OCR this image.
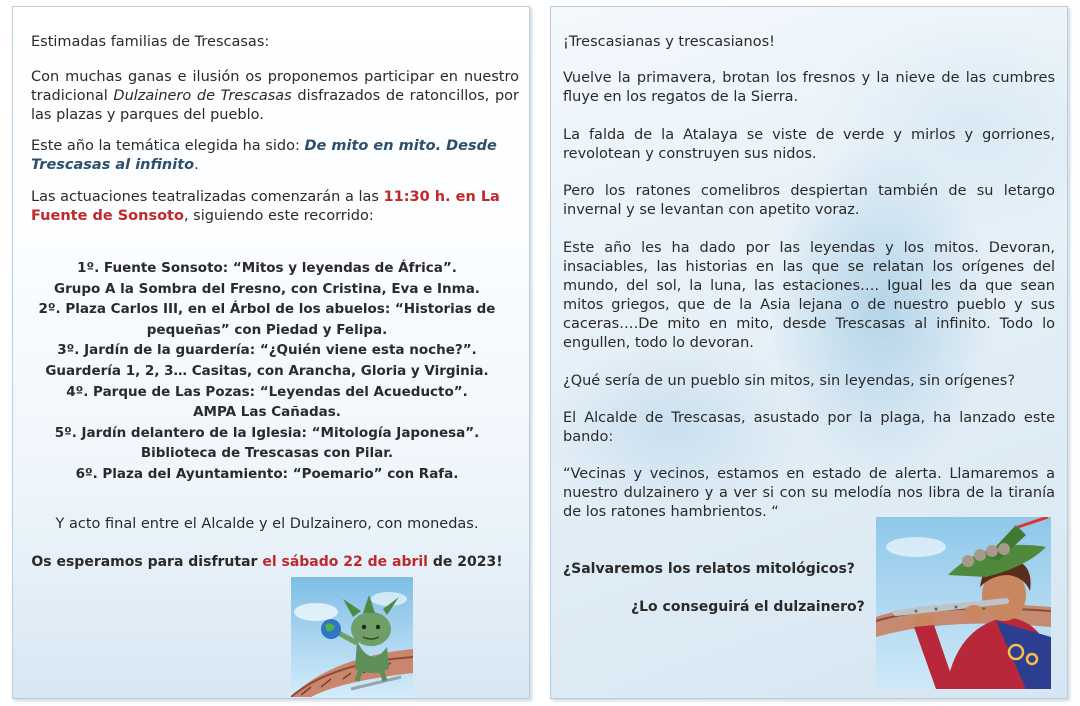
Estimadas familias de Trescasas:
Con muchas ganas e ilusión os proponemos participar en nuestro tradicional Dulzainero de Trescasas disfrazados de ratoncillos, por las plazas y parques del pueblo.
Este año la temática elegida ha sido: De mito en mito. Desde Trescasas al infinito.
Las actuaciones teatralizadas comenzarán a las 11:30 h. en La Fuente de Sonsoto, siguiendo este recorrido:
1º. Fuente Sonsoto: “Mitos y leyendas de África”.
Grupo A la Sombra del Fresno, con Cristina, Eva e Inma.
2º. Plaza Carlos III, en el Árbol de los abuelos: “Historias de
pequeñas” con Piedad y Felipa.
3º. Jardín de la guardería: “¿Quién viene esta noche?”.
Guardería 1, 2, 3… Casitas, con Arancha, Gloria y Virginia.
4º. Parque de Las Pozas: “Leyendas del Acueducto”.
AMPA Las Cañadas.
5º. Jardín delantero de la Iglesia: “Mitología Japonesa”.
Biblioteca de Trescasas con Pilar.
6º. Plaza del Ayuntamiento: “Poemario” con Rafa.
Y acto final entre el Alcalde y el Dulzainero, con monedas.
Os esperamos para disfrutar el sábado 22 de abril de 2023!
¡Trescasianas y trescasianos!
Vuelve la primavera, brotan los fresnos y la nieve de las cumbres fluye en los regatos de la Sierra.
La falda de la Atalaya se viste de verde y mirlos y gorriones, revolotean y construyen sus nidos.
Pero los ratones comelibros despiertan también de su letargo invernal y se levantan con apetito voraz.
Este año les ha dado por las leyendas y los mitos. Devoran, insaciables, las historias en las que se relatan los orígenes del mundo, del sol, la luna, las estaciones…. Igual les da que sean mitos griegos, que de la Asia lejana o de nuestro pueblo y sus caceras….De mito en mito, desde Trescasas al infinito. Todo lo engullen, todo lo devoran.
¿Qué sería de un pueblo sin mitos, sin leyendas, sin orígenes?
El Alcalde de Trescasas, asustado por la plaga, ha lanzado este bando:
“Vecinas y vecinos, estamos en estado de alerta. Llamaremos a nuestro dulzainero y a ver si con su melodía nos libra de la tiranía de los ratones hambrientos. “
¿Salvaremos los relatos mitológicos?
¿Lo conseguirá el dulzainero?
